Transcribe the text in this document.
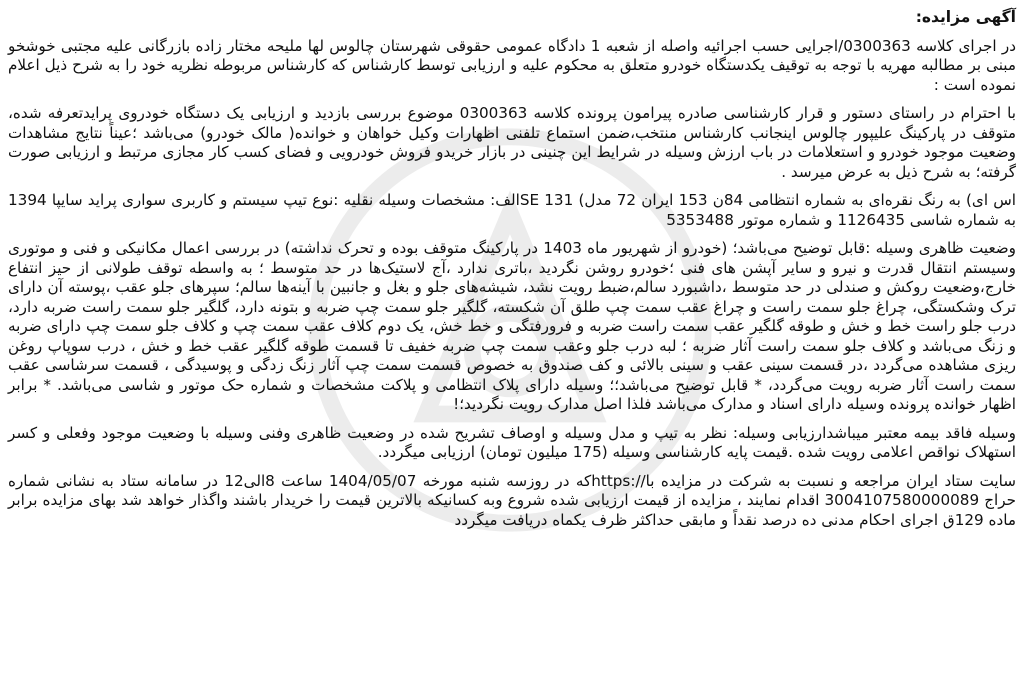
آگهی مزایده:

در اجرای کلاسه 0300363/اجرایی حسب اجرائیه واصله از شعبه 1 دادگاه عمومی حقوقی شهرستان چالوس لها ملیحه مختار زاده بازرگانی علیه مجتبی خوشخو مبنی بر مطالبه مهریه با توجه به توقیف یکدستگاه خودرو متعلق به محکوم علیه و ارزیابی توسط کارشناس که کارشناس مربوطه نظریه خود را به شرح ذیل اعلام نموده است :

با احترام در راستای دستور و قرار کارشناسی صادره پیرامون پرونده کلاسه 0300363 موضوع بررسی بازدید و ارزیابی یک دستگاه خودروی پرایدتعرفه شده، متوقف در پارکینگ علیپور چالوس اینجانب کارشناس منتخب،ضمن استماع تلفنی اظهارات وکیل خواهان و خوانده( مالک خودرو) می‌باشد ؛عیناً نتایج مشاهدات وضعیت موجود خودرو و استعلامات در باب ارزش وسیله در شرایط این چنینی در بازار خریدو فروش خودرویی و فضای کسب کار مجازی مرتبط و ارزیابی صورت گرفته؛ به شرح ذیل به عرض میرسد .

اس ای) به رنگ نقره‌ای به شماره انتظامی 84ن 153 ایران 72 مدل) SE 131الف: مشخصات وسیله نقلیه :نوع تیپ سیستم و کاربری سواری پراید سایپا 1394 به شماره شاسی 1126435 و شماره موتور 5353488

وضعیت ظاهری وسیله :قابل توضیح می‌باشد؛ (خودرو از شهریور ماه 1403 در پارکینگ متوقف بوده و تحرک نداشته) در بررسی اعمال مکانیکی و فنی و موتوری وسیستم انتقال قدرت و نیرو و سایر آپشن های فنی ؛خودرو روشن نگردید ،باتری ندارد ،آج لاستیک‌ها در حد متوسط ؛ به واسطه توقف طولانی از حیز انتفاع خارج،وضعیت روکش و صندلی در حد متوسط ،داشبورد سالم،ضبط رویت نشد، شیشه‌های جلو و بغل و جانبین با آینه‌ها سالم؛ سپرهای جلو عقب ،پوسته آن دارای ترک وشکستگی، چراغ جلو سمت راست و چراغ عقب سمت چپ طلق آن شکسته، گلگیر جلو سمت چپ ضربه و بتونه دارد، گلگیر جلو سمت راست ضربه دارد، درب جلو راست خط و خش و طوقه گلگیر عقب سمت راست ضربه و فرورفتگی و خط خش، یک دوم کلاف عقب سمت چپ و کلاف جلو سمت چپ دارای ضربه و زنگ می‌باشد و کلاف جلو سمت راست آثار ضربه ؛ لبه درب جلو وعقب سمت چپ ضربه خفیف تا قسمت طوقه گلگیر عقب خط و خش ، درب سوپاپ روغن ریزی مشاهده می‌گردد ،در قسمت سینی عقب و سینی بالائی و کف صندوق به خصوص قسمت سمت چپ آثار زنگ زدگی و پوسیدگی ، قسمت سرشاسی عقب سمت راست آثار ضربه رویت می‌گردد، * قابل توضیح می‌باشد؛؛ وسیله دارای پلاک انتظامی و پلاکت مشخصات و شماره حک موتور و شاسی می‌باشد. * برابر اظهار خوانده پرونده وسیله دارای اسناد و مدارک می‌باشد فلذا اصل مدارک رویت نگردید؛!

وسیله فاقد بیمه معتبر میباشدارزیابی وسیله: نظر به تیپ و مدل وسیله و اوصاف تشریح شده در وضعیت ظاهری وفنی وسیله با وضعیت موجود وفعلی و کسر استهلاک نواقص اعلامی رویت شده .قیمت پایه کارشناسی وسیله (175 میلیون تومان) ارزیابی میگردد.

سایت ستاد ایران مراجعه و نسبت به شرکت در مزایده با//:httpsکه در روزسه شنبه مورخه 1404/05/07 ساعت 8الی12 در سامانه ستاد به نشانی شماره حراج 3004107580000089 اقدام نمایند ، مزایده از قیمت ارزیابی شده شروع وبه کسانیکه بالاترین قیمت را خریدار باشند واگذار خواهد شد بهای مزایده برابر ماده 129ق اجرای احکام مدنی ده درصد نقداً و مابقی حداکثر ظرف یکماه دریافت میگردد
